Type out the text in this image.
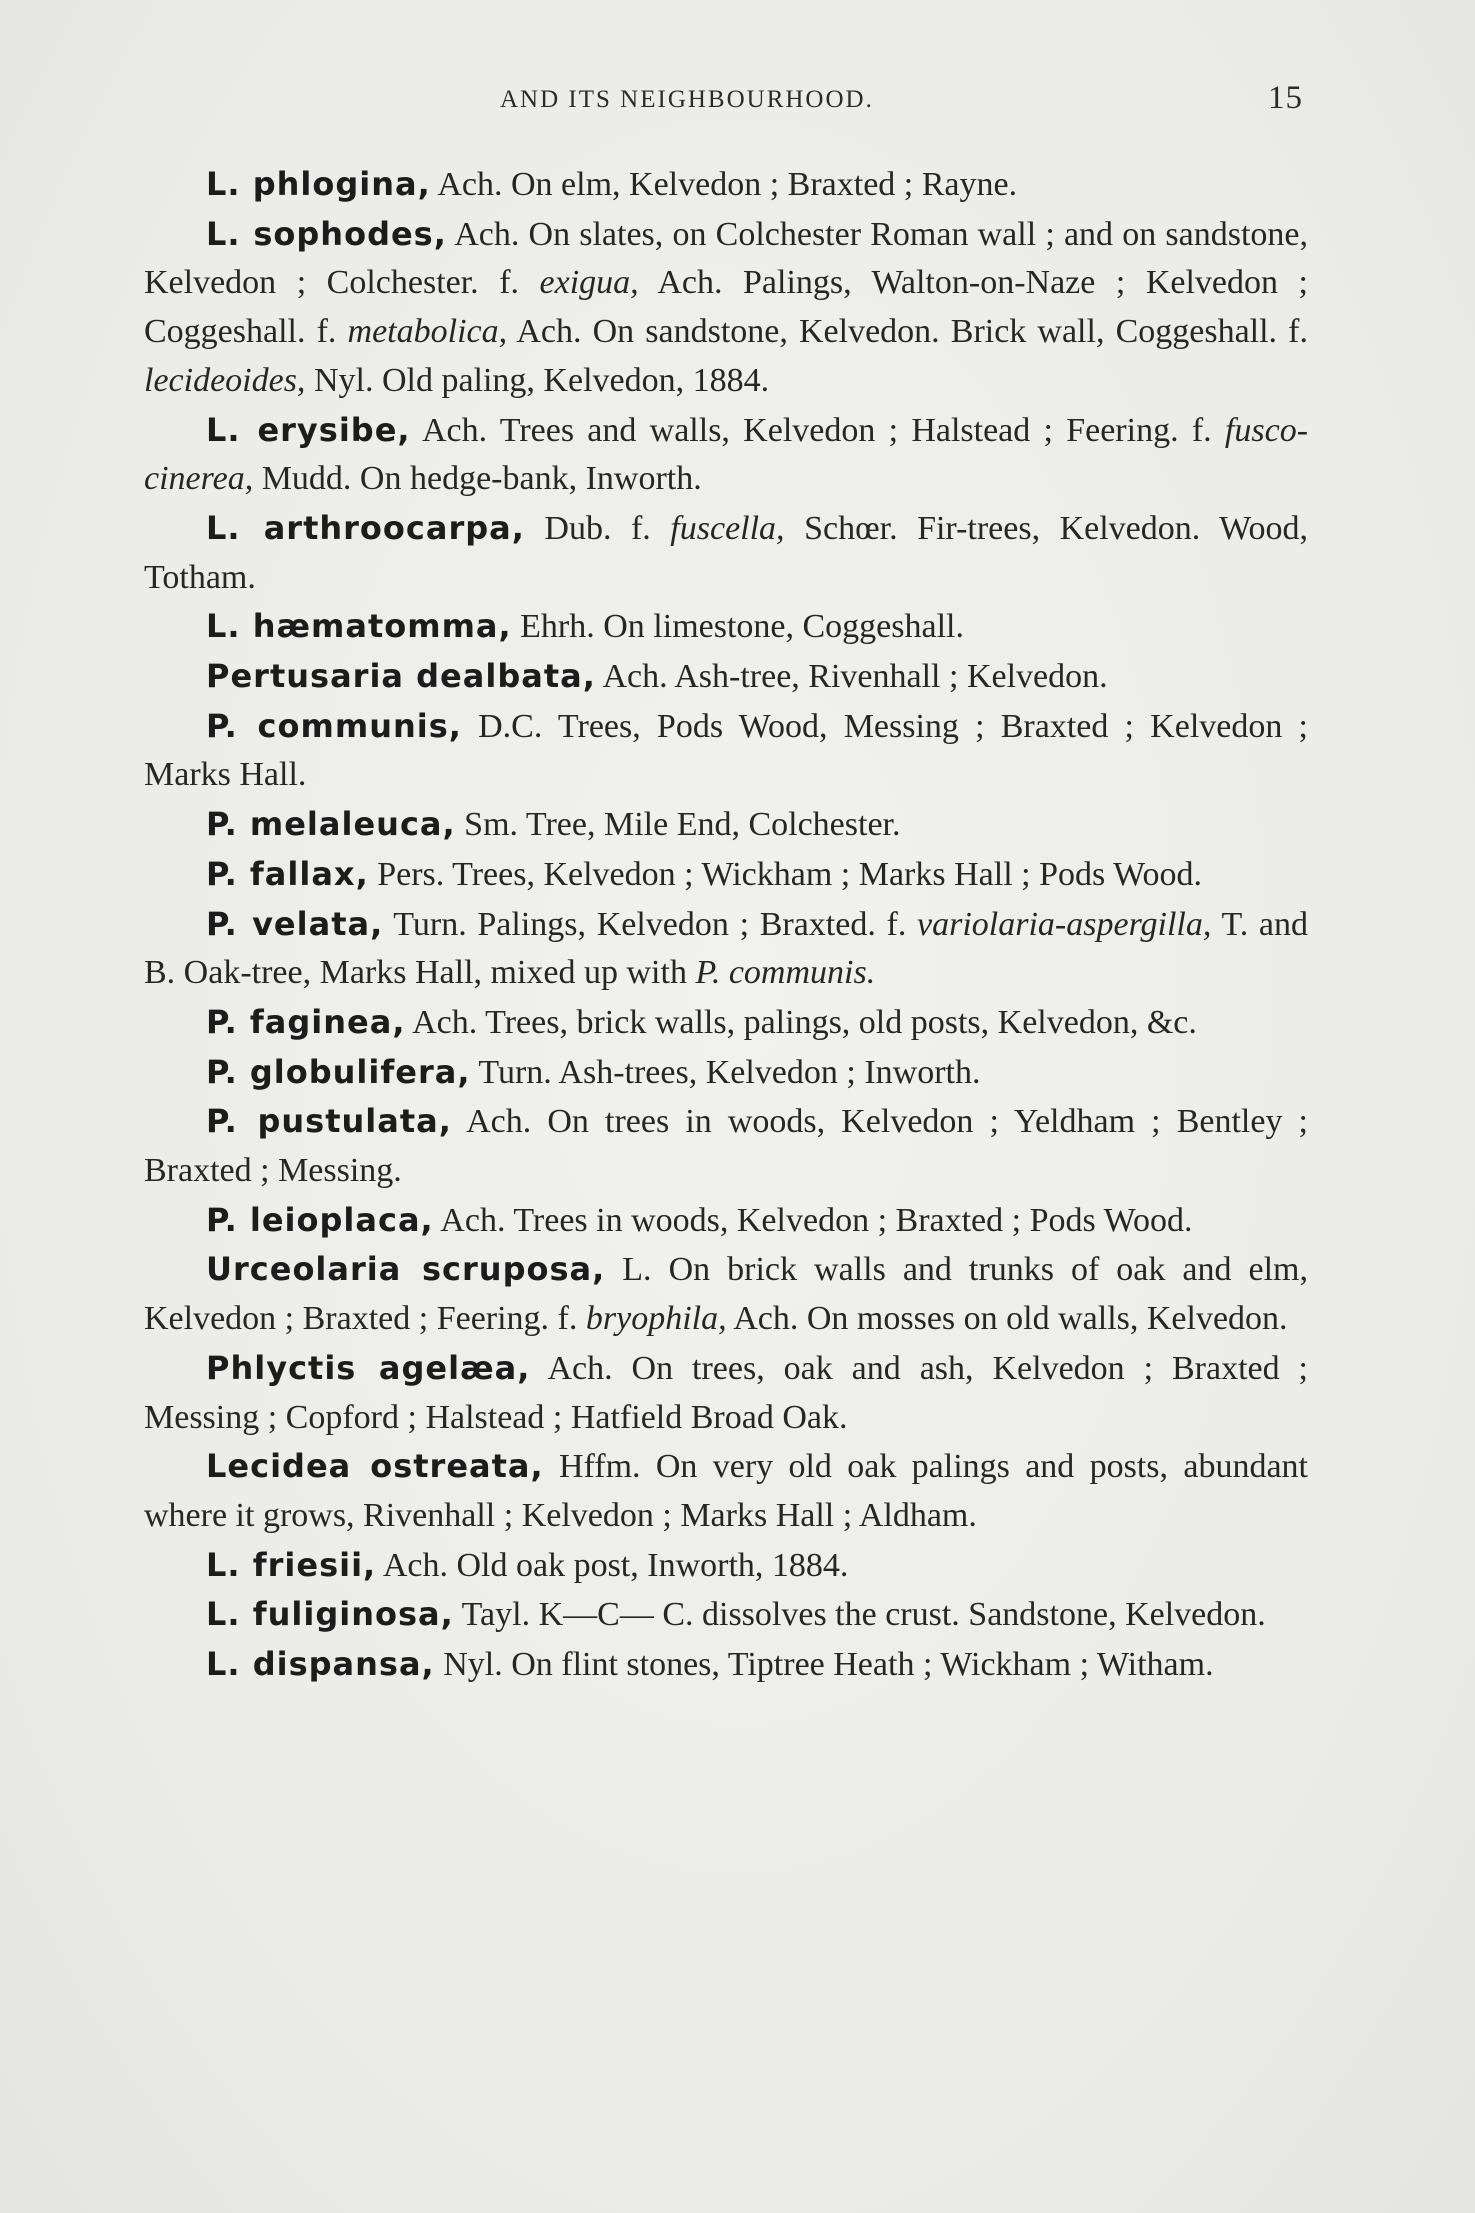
AND ITS NEIGHBOURHOOD.	15

L. phlogina, Ach. On elm, Kelvedon ; Braxted ; Rayne.

L. sophodes, Ach. On slates, on Colchester Roman wall ; and on sandstone, Kelvedon ; Colchester. f. exigua, Ach. Palings, Walton-on-Naze ; Kelvedon ; Coggeshall. f. metabolica, Ach. On sandstone, Kelvedon. Brick wall, Coggeshall. f. lecideoides, Nyl. Old paling, Kelvedon, 1884.

L. erysibe, Ach. Trees and walls, Kelvedon ; Halstead ; Feering. f. fusco-cinerea, Mudd. On hedge-bank, Inworth.

L. arthroocarpa, Dub. f. fuscella, Schœr. Fir-trees, Kelvedon. Wood, Totham.

L. hæmatomma, Ehrh. On limestone, Coggeshall.

Pertusaria dealbata, Ach. Ash-tree, Rivenhall ; Kelvedon.

P. communis, D.C. Trees, Pods Wood, Messing ; Braxted ; Kelvedon ; Marks Hall.

P. melaleuca, Sm. Tree, Mile End, Colchester.

P. fallax, Pers. Trees, Kelvedon ; Wickham ; Marks Hall ; Pods Wood.

P. velata, Turn. Palings, Kelvedon ; Braxted. f. variolaria-aspergilla, T. and B. Oak-tree, Marks Hall, mixed up with P. communis.

P. faginea, Ach. Trees, brick walls, palings, old posts, Kelvedon, &c.

P. globulifera, Turn. Ash-trees, Kelvedon ; Inworth.

P. pustulata, Ach. On trees in woods, Kelvedon ; Yeldham ; Bentley ; Braxted ; Messing.

P. leioplaca, Ach. Trees in woods, Kelvedon ; Braxted ; Pods Wood.

Urceolaria scruposa, L. On brick walls and trunks of oak and elm, Kelvedon ; Braxted ; Feering. f. bryophila, Ach. On mosses on old walls, Kelvedon.

Phlyctis agelæa, Ach. On trees, oak and ash, Kelvedon ; Braxted ; Messing ; Copford ; Halstead ; Hatfield Broad Oak.

Lecidea ostreata, Hffm. On very old oak palings and posts, abundant where it grows, Rivenhall ; Kelvedon ; Marks Hall ; Aldham.

L. friesii, Ach. Old oak post, Inworth, 1884.

L. fuliginosa, Tayl. K—C— C. dissolves the crust. Sandstone, Kelvedon.

L. dispansa, Nyl. On flint stones, Tiptree Heath ; Wickham ; Witham.
